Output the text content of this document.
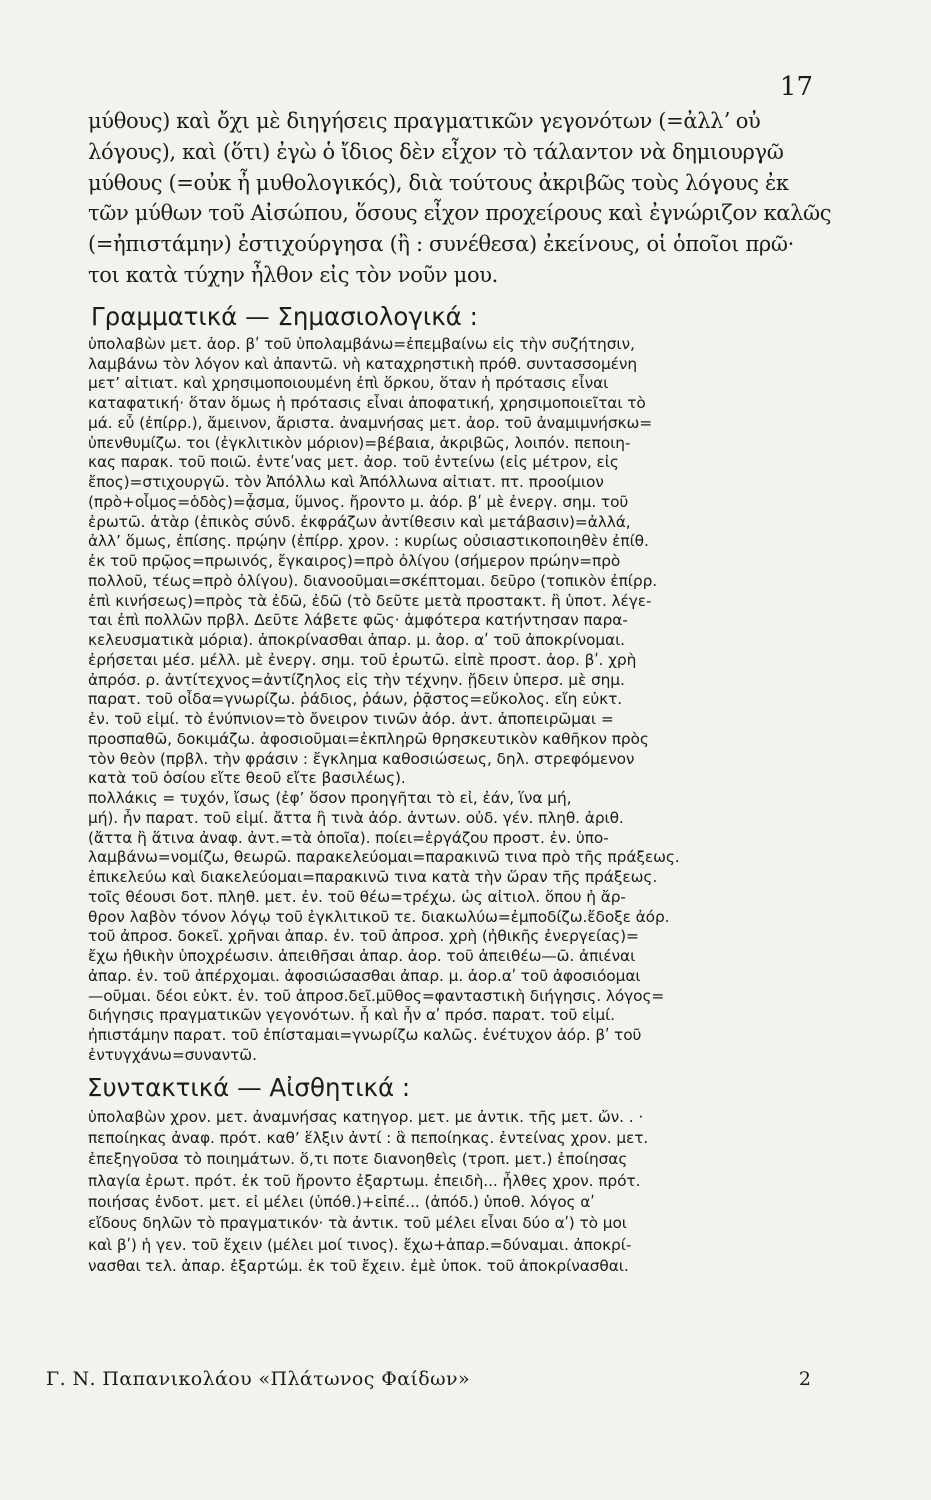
17
μύθους) καὶ ὄχι μὲ διηγήσεις πραγματικῶν γεγονότων (=ἀλλʼ οὐ
λόγους), καὶ (ὅτι) ἐγὼ ὁ ἴδιος δὲν εἶχον τὸ τάλαντον νὰ δημιουργῶ
μύθους (=οὐκ ἦ μυθολογικός), διὰ τούτους ἀκριβῶς τοὺς λόγους ἐκ
τῶν μύθων τοῦ Αἰσώπου, ὅσους εἶχον προχείρους καὶ ἐγνώριζον καλῶς
(=ἠπιστάμην) ἐστιχούργησα (ἢ : συνέθεσα) ἐκείνους, οἱ ὁποῖοι πρῶ·
τοι κατὰ τύχην ἦλθον εἰς τὸν νοῦν μου.
Γραμματικά — Σημασιολογικά :
ὑπολαβὼν μετ. ἀορ. βʹ τοῦ ὑπολαμβάνω=ἐπεμβαίνω εἰς τὴν συζήτησιν,
λαμβάνω τὸν λόγον καὶ ἀπαντῶ. νὴ καταχρηστικὴ πρόθ. συντασσομένη
μετʼ αἰτιατ. καὶ χρησιμοποιουμένη ἐπὶ ὅρκου, ὅταν ἡ πρότασις εἶναι
καταφατική· ὅταν ὅμως ἡ πρότασις εἶναι ἀποφατική, χρησιμοποιεῖται τὸ
μά. εὖ (ἐπίρρ.), ἄμεινον, ἄριστα. ἀναμνήσας μετ. ἀορ. τοῦ ἀναμιμνήσκω=
ὑπενθυμίζω. τοι (ἐγκλιτικὸν μόριον)=βέβαια, ἀκριβῶς, λοιπόν. πεποιη-
κας παρακ. τοῦ ποιῶ. ἐντεʹνας μετ. ἀορ. τοῦ ἐντείνω (εἰς μέτρον, εἰς
ἔπος)=στιχουργῶ. τὸν Ἀπόλλω καὶ Ἀπόλλωνα αἰτιατ. πτ. προοίμιον
(πρὸ+οἶμος=ὁδὸς)=ᾆσμα, ὕμνος. ἤροντο μ. ἀόρ. βʹ μὲ ἐνεργ. σημ. τοῦ
ἐρωτῶ. ἀτὰρ (ἐπικὸς σύνδ. ἐκφράζων ἀντίθεσιν καὶ μετάβασιν)=ἀλλά,
ἀλλʼ ὅμως, ἐπίσης. πρῴην (ἐπίρρ. χρον. : κυρίως οὐσιαστικοποιηθὲν ἐπίθ.
ἐκ τοῦ πρῷος=πρωινός, ἔγκαιρος)=πρὸ ὀλίγου (σήμερον πρώην=πρὸ
πολλοῦ, τέως=πρὸ ὀλίγου). διανοοῦμαι=σκέπτομαι. δεῦρο (τοπικὸν ἐπίρρ.
ἐπὶ κινήσεως)=πρὸς τὰ ἐδῶ, ἐδῶ (τὸ δεῦτε μετὰ προστακτ. ἢ ὑποτ. λέγε-
ται ἐπὶ πολλῶν πρβλ. Δεῦτε λάβετε φῶς· ἀμφότερα κατήντησαν παρα-
κελευσματικὰ μόρια). ἀποκρίνασθαι ἀπαρ. μ. ἀορ. αʹ τοῦ ἀποκρίνομαι.
ἐρήσεται μέσ. μέλλ. μὲ ἐνεργ. σημ. τοῦ ἐρωτῶ. εἰπὲ προστ. ἀορ. βʹ. χρὴ
ἀπρόσ. ρ. ἀντίτεχνος=ἀντίζηλος εἰς τὴν τέχνην. ᾔδειν ὑπερσ. μὲ σημ.
παρατ. τοῦ οἶδα=γνωρίζω. ῥάδιος, ῥάων, ῥᾷστος=εὔκολος. εἴη εὐκτ.
ἐν. τοῦ εἰμί. τὸ ἐνύπνιον=τὸ ὄνειρον τινῶν ἀόρ. ἀντ. ἀποπειρῶμαι =
προσπαθῶ, δοκιμάζω. ἀφοσιοῦμαι=ἐκπληρῶ θρησκευτικὸν καθῆκον πρὸς
τὸν θεὸν (πρβλ. τὴν φράσιν : ἔγκλημα καθοσιώσεως, δηλ. στρεφόμενον
κατὰ τοῦ ὁσίου εἴτε θεοῦ εἴτε βασιλέως).
πολλάκις = τυχόν, ἴσως (ἐφʼ ὅσον προηγῆται τὸ εἰ, ἐάν, ἵνα μή,
μή). ἦν παρατ. τοῦ εἰμί. ἄττα ἢ τινὰ ἀόρ. ἀντων. οὐδ. γέν. πληθ. ἀριθ.
(ἄττα ἢ ἅτινα ἀναφ. ἀντ.=τὰ ὁποῖα). ποίει=ἐργάζου προστ. ἐν. ὑπο-
λαμβάνω=νομίζω, θεωρῶ. παρακελεύομαι=παρακινῶ τινα πρὸ τῆς πράξεως.
ἐπικελεύω καὶ διακελεύομαι=παρακινῶ τινα κατὰ τὴν ὥραν τῆς πράξεως.
τοῖς θέουσι δοτ. πληθ. μετ. ἐν. τοῦ θέω=τρέχω. ὡς αἰτιολ. ὅπου ἡ ἄρ-
θρον λαβὸν τόνον λόγῳ τοῦ ἐγκλιτικοῦ τε. διακωλύω=ἐμποδίζω.ἔδοξε ἀόρ.
τοῦ ἀπροσ. δοκεῖ. χρῆναι ἀπαρ. ἐν. τοῦ ἀπροσ. χρὴ (ἠθικῆς ἐνεργείας)=
ἔχω ἠθικὴν ὑποχρέωσιν. ἀπειθῆσαι ἀπαρ. ἀορ. τοῦ ἀπειθέω—ῶ. ἀπιέναι
ἀπαρ. ἐν. τοῦ ἀπέρχομαι. ἀφοσιώσασθαι ἀπαρ. μ. ἀορ.αʹ τοῦ ἀφοσιόομαι
—οῦμαι. δέοι εὐκτ. ἐν. τοῦ ἀπροσ.δεῖ.μῦθος=φανταστικὴ διήγησις. λόγος=
διήγησις πραγματικῶν γεγονότων. ἦ καὶ ἦν αʹ πρόσ. παρατ. τοῦ εἰμί.
ἠπιστάμην παρατ. τοῦ ἐπίσταμαι=γνωρίζω καλῶς. ἐνέτυχον ἀόρ. βʹ τοῦ
ἐντυγχάνω=συναντῶ.
Συντακτικά — Αἰσθητικά :
ὑπολαβὼν χρον. μετ. ἀναμνήσας κατηγορ. μετ. με ἀντικ. τῆς μετ. ὤν. . ·
πεποίηκας ἀναφ. πρότ. καθʼ ἕλξιν ἀντί : ἃ πεποίηκας. ἐντείνας χρον. μετ.
ἐπεξηγοῦσα τὸ ποιημάτων. ὅ,τι ποτε διανοηθεὶς (τροπ. μετ.) ἐποίησας
πλαγία ἐρωτ. πρότ. ἐκ τοῦ ἤροντο ἐξαρτωμ. ἐπειδὴ... ἦλθες χρον. πρότ.
ποιήσας ἐνδοτ. μετ. εἰ μέλει (ὑπόθ.)+εἰπέ... (ἀπόδ.) ὑποθ. λόγος αʹ
εἴδους δηλῶν τὸ πραγματικόν· τὰ ἀντικ. τοῦ μέλει εἶναι δύο αʹ) τὸ μοι
καὶ βʹ) ἡ γεν. τοῦ ἔχειν (μέλει μοί τινος). ἔχω+ἀπαρ.=δύναμαι. ἀποκρί-
νασθαι τελ. ἀπαρ. ἐξαρτώμ. ἐκ τοῦ ἔχειν. ἐμὲ ὑποκ. τοῦ ἀποκρίνασθαι.
Γ. Ν. Παπανικολάου «Πλάτωνος Φαίδων»	2
